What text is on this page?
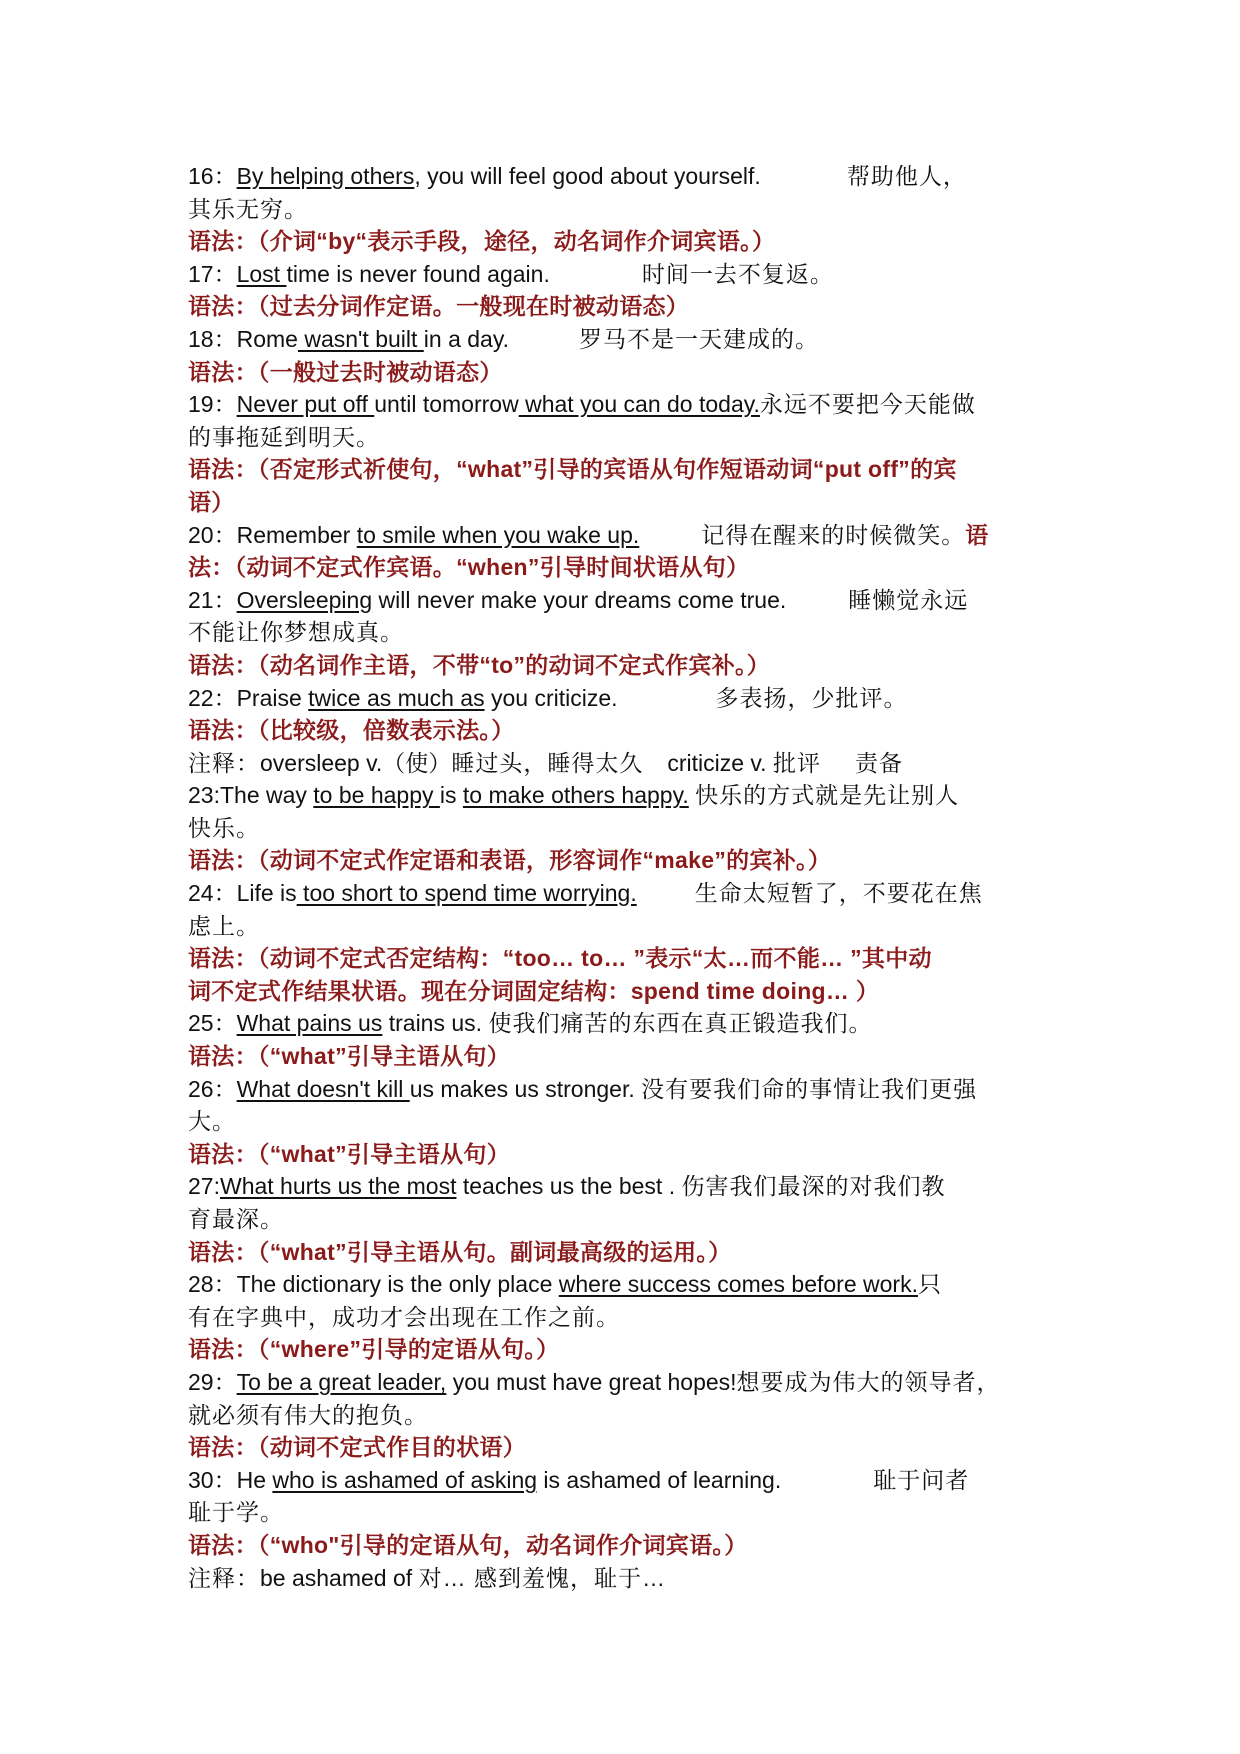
16：By helping others, you will feel good about yourself.	帮助他人，
其乐无穷。
语法：（介词“by“表示手段，途径，动名词作介词宾语。）
17：Lost time is never found again.	时间一去不复返。
语法：（过去分词作定语。一般现在时被动语态）
18：Rome wasn't built in a day.	罗马不是一天建成的。
语法：（一般过去时被动语态）
19：Never put off until tomorrow what you can do today.永远不要把今天能做
的事拖延到明天。
语法：（否定形式祈使句，“what”引导的宾语从句作短语动词“put off”的宾
语）
20：Remember to smile when you wake up.	记得在醒来的时候微笑。语
法：（动词不定式作宾语。“when”引导时间状语从句）
21：Oversleeping will never make your dreams come true.	睡懒觉永远
不能让你梦想成真。
语法：（动名词作主语，不带“to”的动词不定式作宾补。）
22：Praise twice as much as you criticize.	多表扬，少批评。
语法：（比较级，倍数表示法。）
注释：oversleep v.（使）睡过头，睡得太久 criticize v. 批评 责备
23:The way to be happy is to make others happy. 快乐的方式就是先让别人
快乐。
语法：（动词不定式作定语和表语，形容词作“make”的宾补。）
24：Life is too short to spend time worrying.	生命太短暂了，不要花在焦
虑上。
语法：（动词不定式否定结构：“too… to… ”表示“太…而不能… ”其中动
词不定式作结果状语。现在分词固定结构：spend time doing… ）
25：What pains us trains us. 使我们痛苦的东西在真正锻造我们。
语法：（“what”引导主语从句）
26：What doesn't kill us makes us stronger. 没有要我们命的事情让我们更强
大。
语法：（“what”引导主语从句）
27:What hurts us the most teaches us the best . 伤害我们最深的对我们教
育最深。
语法：（“what”引导主语从句。副词最高级的运用。）
28：The dictionary is the only place where success comes before work.只
有在字典中，成功才会出现在工作之前。
语法：（“where”引导的定语从句。）
29：To be a great leader, you must have great hopes!想要成为伟大的领导者，
就必须有伟大的抱负。
语法：（动词不定式作目的状语）
30：He who is ashamed of asking is ashamed of learning.	耻于问者
耻于学。
语法：（“who"引导的定语从句，动名词作介词宾语。）
注释：be ashamed of 对… 感到羞愧，耻于…
